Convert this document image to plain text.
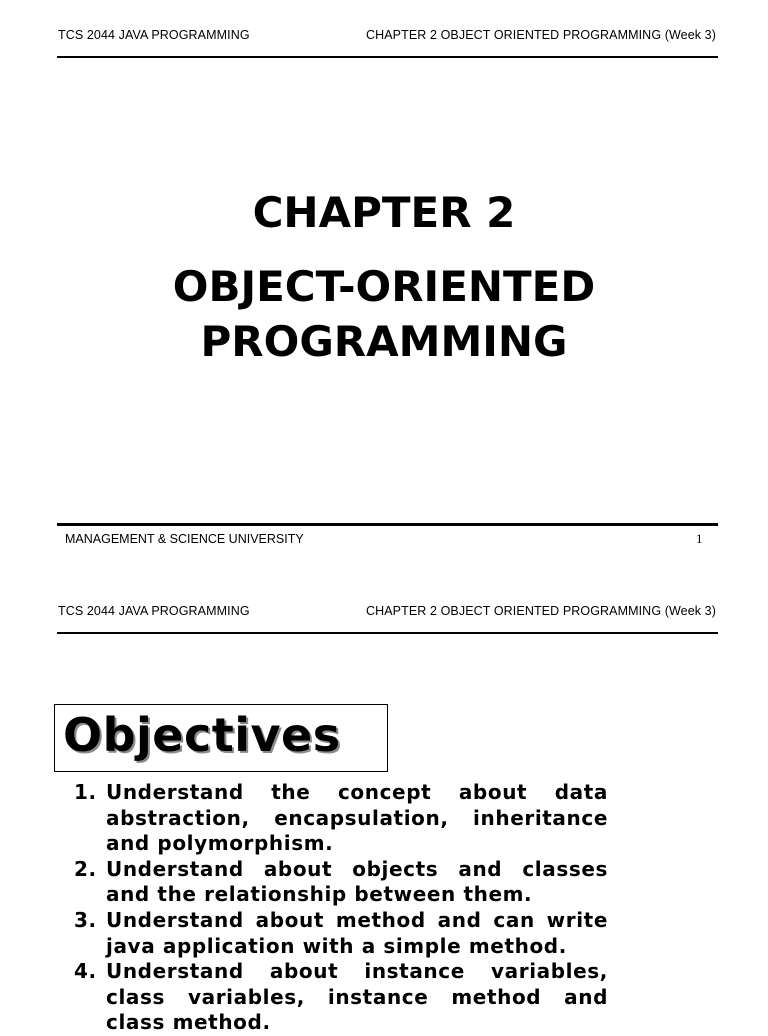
TCS 2044 JAVA PROGRAMMING	CHAPTER 2 OBJECT ORIENTED PROGRAMMING (Week 3)
CHAPTER 2
OBJECT-ORIENTED
PROGRAMMING
MANAGEMENT & SCIENCE UNIVERSITY	1
TCS 2044 JAVA PROGRAMMING	CHAPTER 2 OBJECT ORIENTED PROGRAMMING (Week 3)
Objectives
1. Understand the concept about data abstraction, encapsulation, inheritance and polymorphism.
2. Understand about objects and classes and the relationship between them.
3. Understand about method and can write java application with a simple method.
4. Understand about instance variables, class variables, instance method and class method.
